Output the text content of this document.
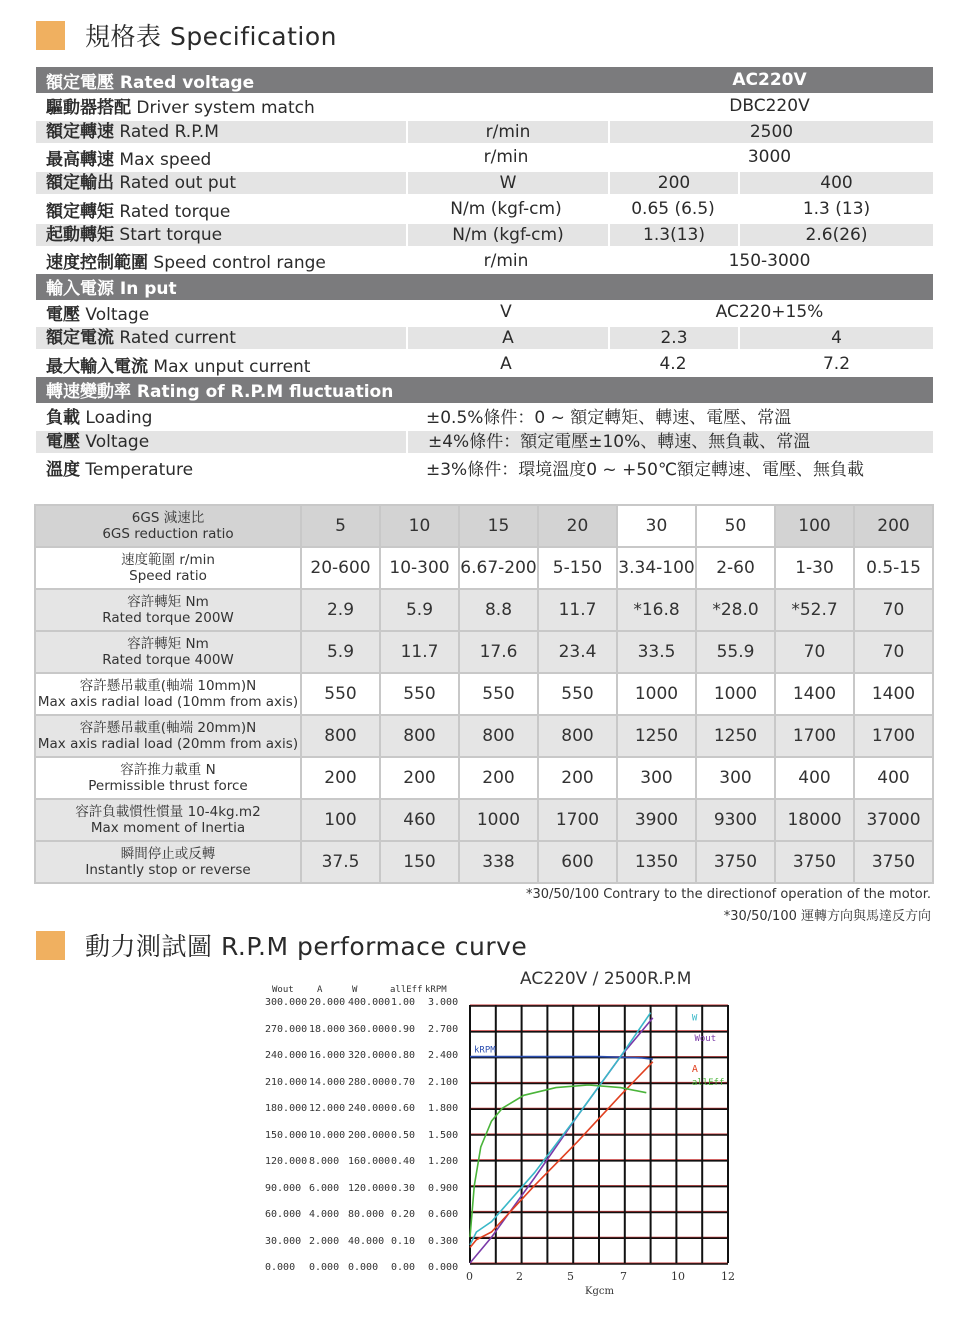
規格表 Specification
額定電壓 Rated voltage	AC220V
驅動器搭配 Driver system match	DBC220V
額定轉速 Rated R.P.M	r/min	2500
最高轉速 Max speed	r/min	3000
額定輸出 Rated out put	W	200	400
額定轉矩 Rated torque	N/m (kgf-cm)	0.65 (6.5)	1.3 (13)
起動轉矩 Start torque	N/m (kgf-cm)	1.3(13)	2.6(26)
速度控制範圍 Speed control range	r/min	150-3000
輸入電源 In put
電壓 Voltage	V	AC220+15%
額定電流 Rated current	A	2.3	4
最大輸入電流 Max unput current	A	4.2	7.2
轉速變動率 Rating of R.P.M fluctuation
負載 Loading	±0.5%條件：0 ~ 額定轉矩、轉速、電壓、常溫
電壓 Voltage	±4%條件：額定電壓±10%、轉速、無負載、常溫
溫度 Temperature	±3%條件：環境溫度0 ~ +50℃額定轉速、電壓、無負載
6GS 減速比
6GS reduction ratio	5	10	15	20	30	50	100	200

速度範圍 r/min
Speed ratio	20-600	10-300	6.67-200	5-150	3.34-100	2-60	1-30	0.5-15

容許轉矩 Nm
Rated torque 200W	2.9	5.9	8.8	11.7	*16.8	*28.0	*52.7	70

容許轉矩 Nm
Rated torque 400W	5.9	11.7	17.6	23.4	33.5	55.9	70	70

容許懸吊載重(軸端 10mm)N
Max axis radial load (10mm from axis)	550	550	550	550	1000	1000	1400	1400

容許懸吊載重(軸端 20mm)N
Max axis radial load (20mm from axis)	800	800	800	800	1250	1250	1700	1700

容許推力載重 N
Permissible thrust force	200	200	200	200	300	300	400	400

容許負載慣性慣量 10-4kg.m2
Max moment of Inertia	100	460	1000	1700	3900	9300	18000	37000

瞬間停止或反轉
Instantly stop or reverse	37.5	150	338	600	1350	3750	3750	3750
*30/50/100 Contrary to the directionof operation of the motor.
*30/50/100 運轉方向與馬達反方向
動力測試圖 R.P.M performace curve
AC220V / 2500R.P.M
Wout	A	W	allEff kRPM
300.000 20.000 400.000 1.00 3.000
270.000 18.000 360.000 0.90 2.700
240.000 16.000 320.000 0.80 2.400
210.000 14.000 280.000 0.70 2.100
180.000 12.000 240.000 0.60 1.800
150.000 10.000 200.000 0.50 1.500
120.000 8.000 160.000 0.40 1.200
90.000 6.000 120.000 0.30 0.900
60.000 4.000 80.000 0.20 0.600
30.000 2.000 40.000 0.10 0.300
0.000 0.000 0.000 0.00 0.000
kRPM
W
Wout
A
allEff
0	2	5	7	10	12
Kgcm
